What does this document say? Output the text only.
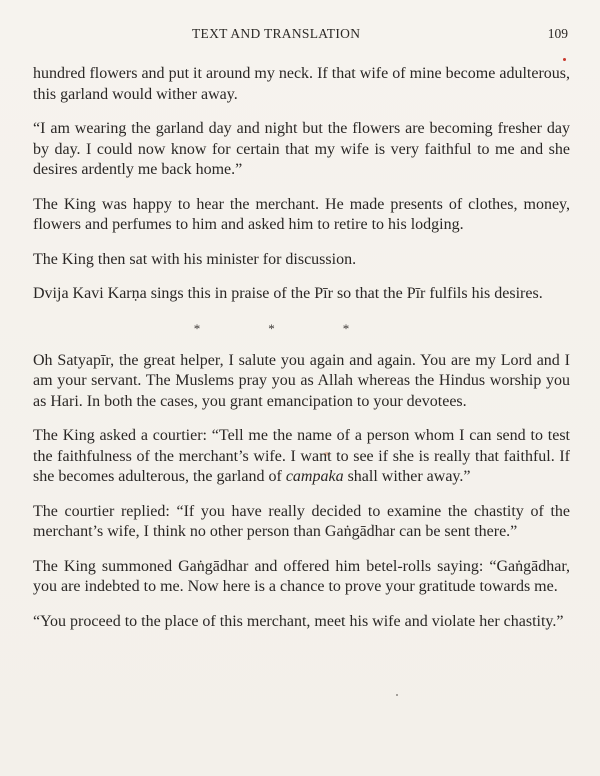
TEXT AND TRANSLATION	109

hundred flowers and put it around my neck. If that wife of mine become adulterous, this garland would wither away.

“I am wearing the garland day and night but the flowers are becoming fresher day by day. I could now know for certain that my wife is very faithful to me and she desires ardently me back home.”

The King was happy to hear the merchant. He made presents of clothes, money, flowers and perfumes to him and asked him to retire to his lodging.

The King then sat with his minister for discussion.

Dvija Kavi Karṇa sings this in praise of the Pīr so that the Pīr fulfils his desires.

*	*	*

Oh Satyapīr, the great helper, I salute you again and again. You are my Lord and I am your servant. The Muslems pray you as Allah whereas the Hindus worship you as Hari. In both the cases, you grant emancipation to your devotees.

The King asked a courtier: “Tell me the name of a person whom I can send to test the faithfulness of the merchant’s wife. I want to see if she is really that faithful. If she becomes adulterous, the garland of campaka shall wither away.”

The courtier replied: “If you have really decided to examine the chastity of the merchant’s wife, I think no other person than Gaṅgādhar can be sent there.”

The King summoned Gaṅgādhar and offered him betel-rolls saying: “Gaṅgādhar, you are indebted to me. Now here is a chance to prove your gratitude towards me.

“You proceed to the place of this merchant, meet his wife and violate her chastity.”
